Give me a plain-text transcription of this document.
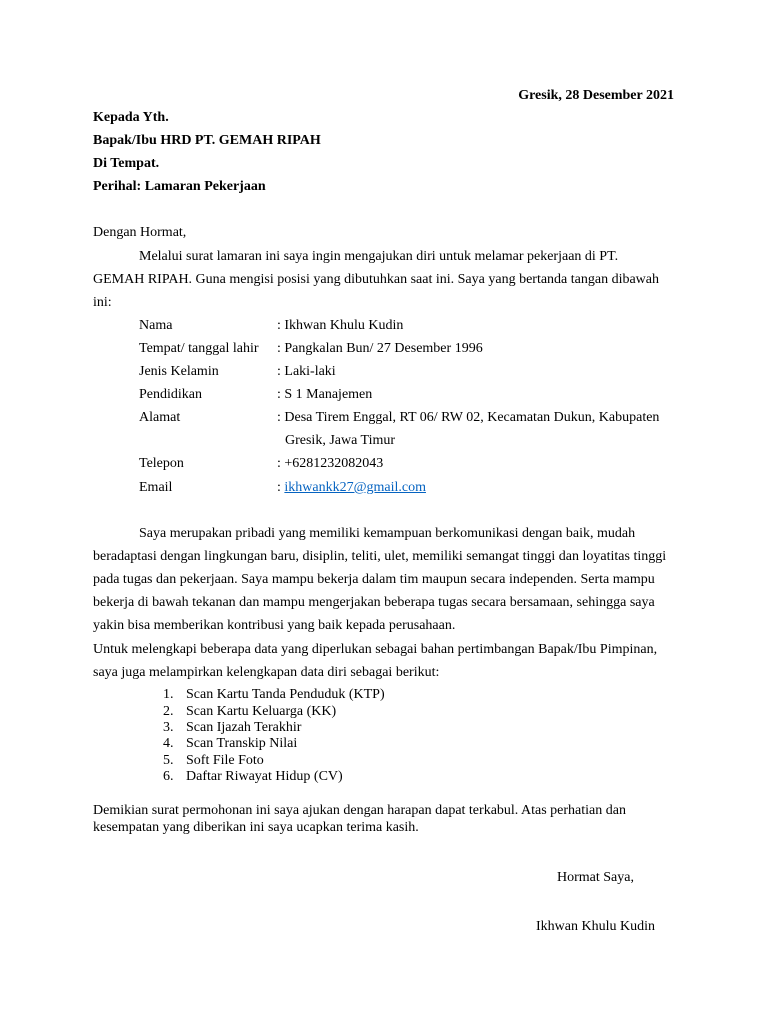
Gresik, 28 Desember 2021
Kepada Yth.
Bapak/Ibu HRD PT. GEMAH RIPAH
Di Tempat.
Perihal: Lamaran Pekerjaan
Dengan Hormat,
Melalui surat lamaran ini saya ingin mengajukan diri untuk melamar pekerjaan di PT.
GEMAH RIPAH. Guna mengisi posisi yang dibutuhkan saat ini. Saya yang bertanda tangan dibawah
ini:
Nama	: Ikhwan Khulu Kudin
Tempat/ tanggal lahir : Pangkalan Bun/ 27 Desember 1996
Jenis Kelamin	: Laki-laki
Pendidikan	: S 1 Manajemen
Alamat	: Desa Tirem Enggal, RT 06/ RW 02, Kecamatan Dukun, Kabupaten
Gresik, Jawa Timur
Telepon	: +6281232082043
Email	: ikhwankk27@gmail.com
Saya merupakan pribadi yang memiliki kemampuan berkomunikasi dengan baik, mudah
beradaptasi dengan lingkungan baru, disiplin, teliti, ulet, memiliki semangat tinggi dan loyatitas tinggi
pada tugas dan pekerjaan. Saya mampu bekerja dalam tim maupun secara independen. Serta mampu
bekerja di bawah tekanan dan mampu mengerjakan beberapa tugas secara bersamaan, sehingga saya
yakin bisa memberikan kontribusi yang baik kepada perusahaan.
Untuk melengkapi beberapa data yang diperlukan sebagai bahan pertimbangan Bapak/Ibu Pimpinan,
saya juga melampirkan kelengkapan data diri sebagai berikut:
1. Scan Kartu Tanda Penduduk (KTP)
2. Scan Kartu Keluarga (KK)
3. Scan Ijazah Terakhir
4. Scan Transkip Nilai
5. Soft File Foto
6. Daftar Riwayat Hidup (CV)
Demikian surat permohonan ini saya ajukan dengan harapan dapat terkabul. Atas perhatian dan
kesempatan yang diberikan ini saya ucapkan terima kasih.
Hormat Saya,
Ikhwan Khulu Kudin
